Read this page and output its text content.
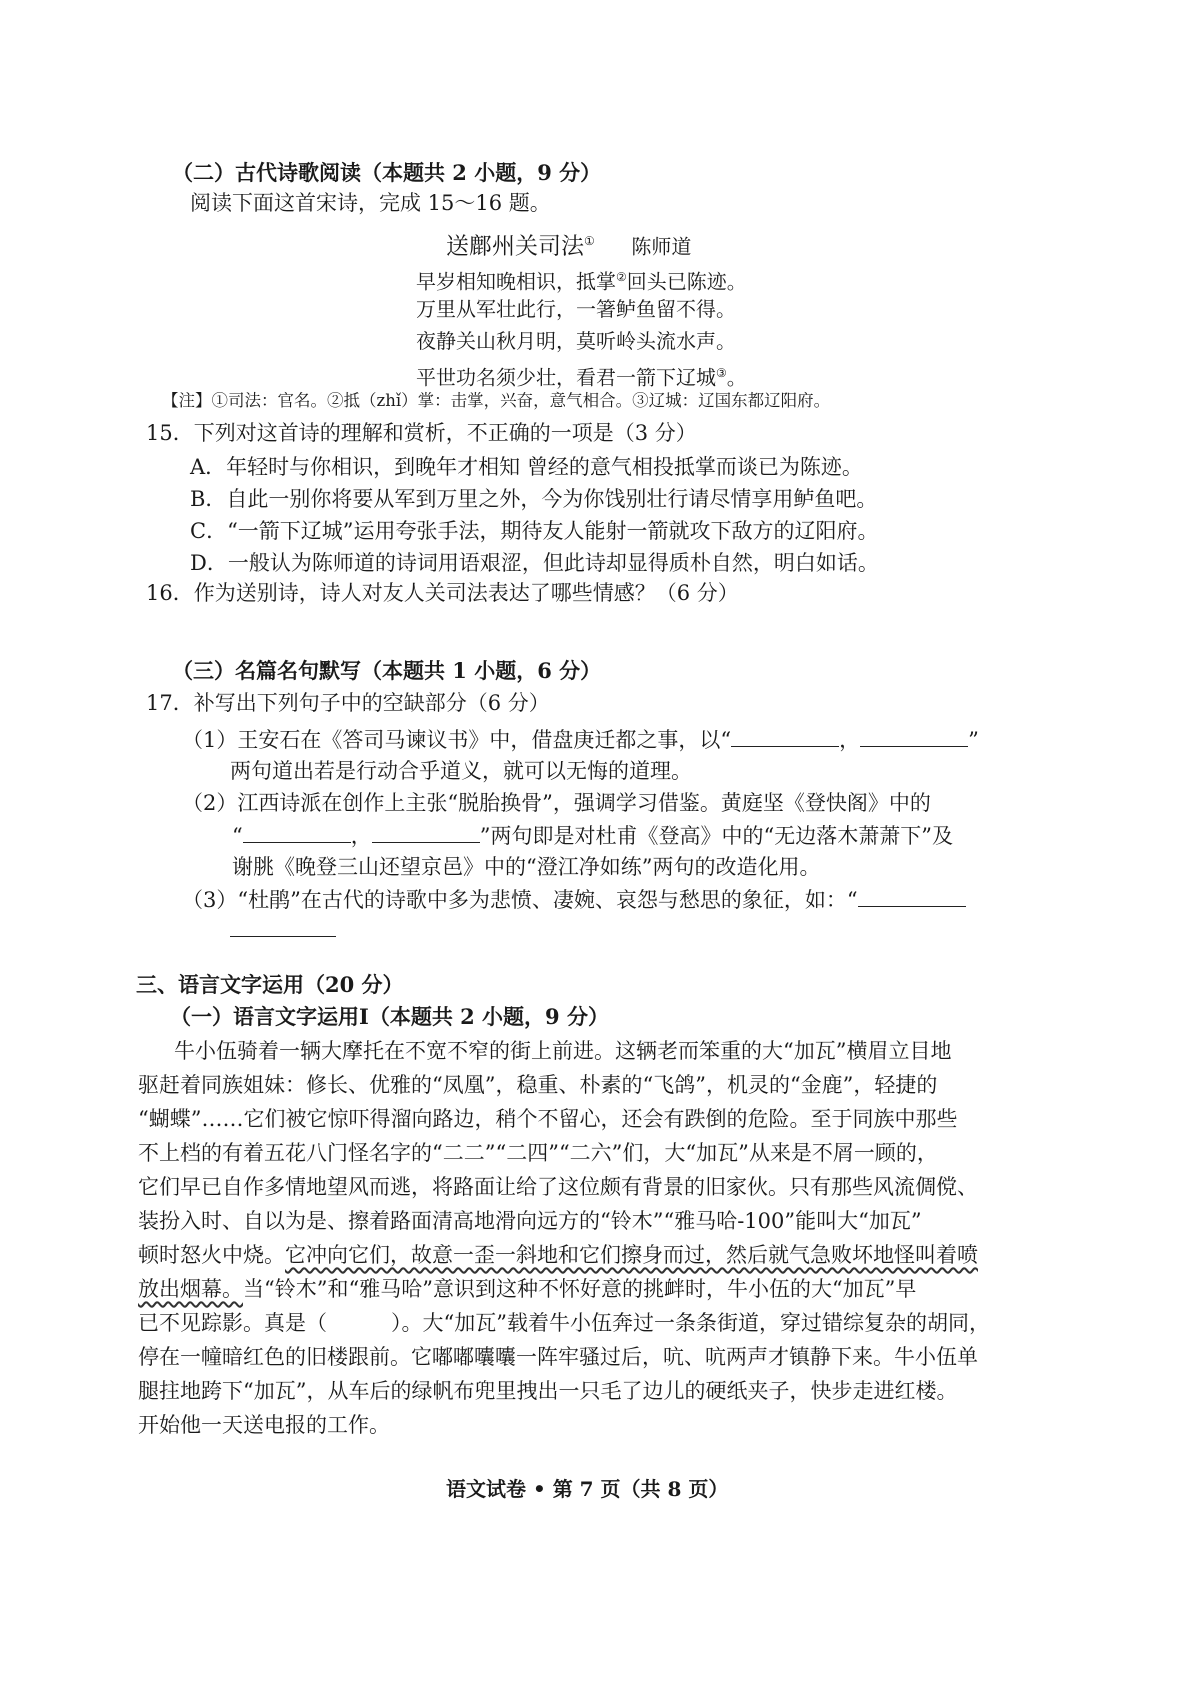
（二）古代诗歌阅读（本题共 2 小题，9 分）
阅读下面这首宋诗，完成 15～16 题。
送鄜州关司法① 陈师道
早岁相知晚相识，抵掌②回头已陈迹。
万里从军壮此行，一箸鲈鱼留不得。
夜静关山秋月明，莫听岭头流水声。
平世功名须少壮，看君一箭下辽城③。
【注】①司法：官名。②抵（zhǐ）掌：击掌，兴奋，意气相合。③辽城：辽国东都辽阳府。
15．下列对这首诗的理解和赏析，不正确的一项是（3 分）
A．年轻时与你相识，到晚年才相知 曾经的意气相投抵掌而谈已为陈迹。
B．自此一别你将要从军到万里之外，今为你饯别壮行请尽情享用鲈鱼吧。
C．“一箭下辽城”运用夸张手法，期待友人能射一箭就攻下敌方的辽阳府。
D．一般认为陈师道的诗词用语艰涩，但此诗却显得质朴自然，明白如话。
16．作为送别诗，诗人对友人关司法表达了哪些情感？（6 分）
（三）名篇名句默写（本题共 1 小题，6 分）
17．补写出下列句子中的空缺部分（6 分）
（1）王安石在《答司马谏议书》中，借盘庚迁都之事，以“	，	”
两句道出若是行动合乎道义，就可以无悔的道理。
（2）江西诗派在创作上主张“脱胎换骨”，强调学习借鉴。黄庭坚《登快阁》中的
“	，	”两句即是对杜甫《登高》中的“无边落木萧萧下”及
谢朓《晚登三山还望京邑》中的“澄江净如练”两句的改造化用。
（3）“杜鹃”在古代的诗歌中多为悲愤、凄婉、哀怨与愁思的象征，如：“
三、语言文字运用（20 分）
（一）语言文字运用Ⅰ（本题共 2 小题，9 分）
牛小伍骑着一辆大摩托在不宽不窄的街上前进。这辆老而笨重的大“加瓦”横眉立目地
驱赶着同族姐妹：修长、优雅的“凤凰”，稳重、朴素的“飞鸽”，机灵的“金鹿”，轻捷的
“蝴蝶”……它们被它惊吓得溜向路边，稍个不留心，还会有跌倒的危险。至于同族中那些
不上档的有着五花八门怪名字的“二二”“二四”“二六”们，大“加瓦”从来是不屑一顾的，
它们早已自作多情地望风而逃，将路面让给了这位颇有背景的旧家伙。只有那些风流倜傥、
装扮入时、自以为是、擦着路面清高地滑向远方的“铃木”“雅马哈-100”能叫大“加瓦”
顿时怒火中烧。它冲向它们，故意一歪一斜地和它们擦身而过，然后就气急败坏地怪叫着喷
放出烟幕。当“铃木”和“雅马哈”意识到这种不怀好意的挑衅时，牛小伍的大“加瓦”早
已不见踪影。真是（	）。大“加瓦”载着牛小伍奔过一条条街道，穿过错综复杂的胡同，
停在一幢暗红色的旧楼跟前。它嘟嘟囔囔一阵牢骚过后，吭、吭两声才镇静下来。牛小伍单
腿拄地跨下“加瓦”，从车后的绿帆布兜里拽出一只毛了边儿的硬纸夹子，快步走进红楼。
开始他一天送电报的工作。
语文试卷 • 第 7 页（共 8 页）
